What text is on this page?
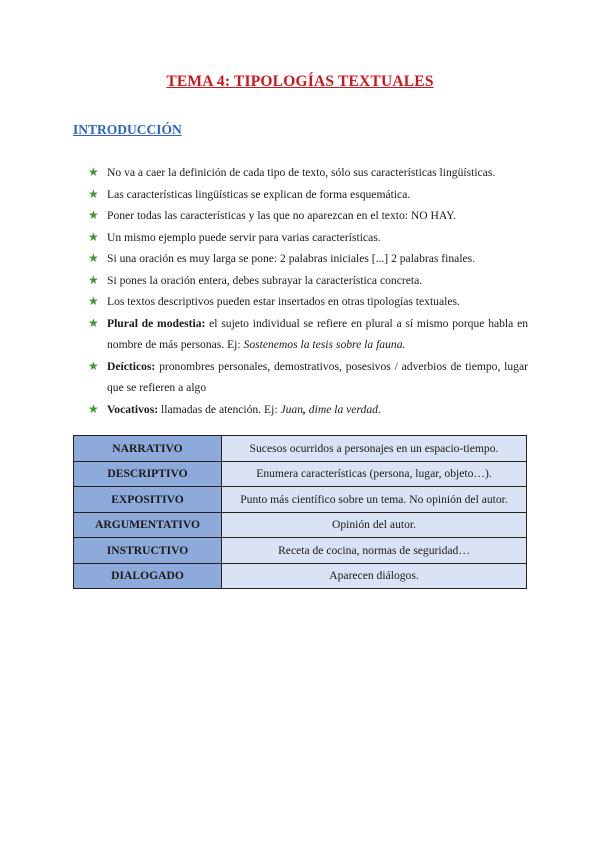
TEMA 4: TIPOLOGÍAS TEXTUALES
INTRODUCCIÓN
★ No va a caer la definición de cada tipo de texto, sólo sus características lingüísticas.
★ Las características lingüísticas se explican de forma esquemática.
★ Poner todas las características y las que no aparezcan en el texto: NO HAY.
★ Un mismo ejemplo puede servir para varias características.
★ Si una oración es muy larga se pone: 2 palabras iniciales [...] 2 palabras finales.
★ Si pones la oración entera, debes subrayar la característica concreta.
★ Los textos descriptivos pueden estar insertados en otras tipologías textuales.
★ Plural de modestia: el sujeto individual se refiere en plural a sí mismo porque habla en nombre de más personas. Ej: Sostenemos la tesis sobre la fauna.
★ Deícticos: pronombres personales, demostrativos, posesivos / adverbios de tiempo, lugar que se refieren a algo
★ Vocativos: llamadas de atención. Ej: Juan, dime la verdad.
NARRATIVO	Sucesos ocurridos a personajes en un espacio-tiempo.
DESCRIPTIVO	Enumera características (persona, lugar, objeto…).
EXPOSITIVO	Punto más científico sobre un tema. No opinión del autor.
ARGUMENTATIVO	Opinión del autor.
INSTRUCTIVO	Receta de cocina, normas de seguridad…
DIALOGADO	Aparecen diálogos.
